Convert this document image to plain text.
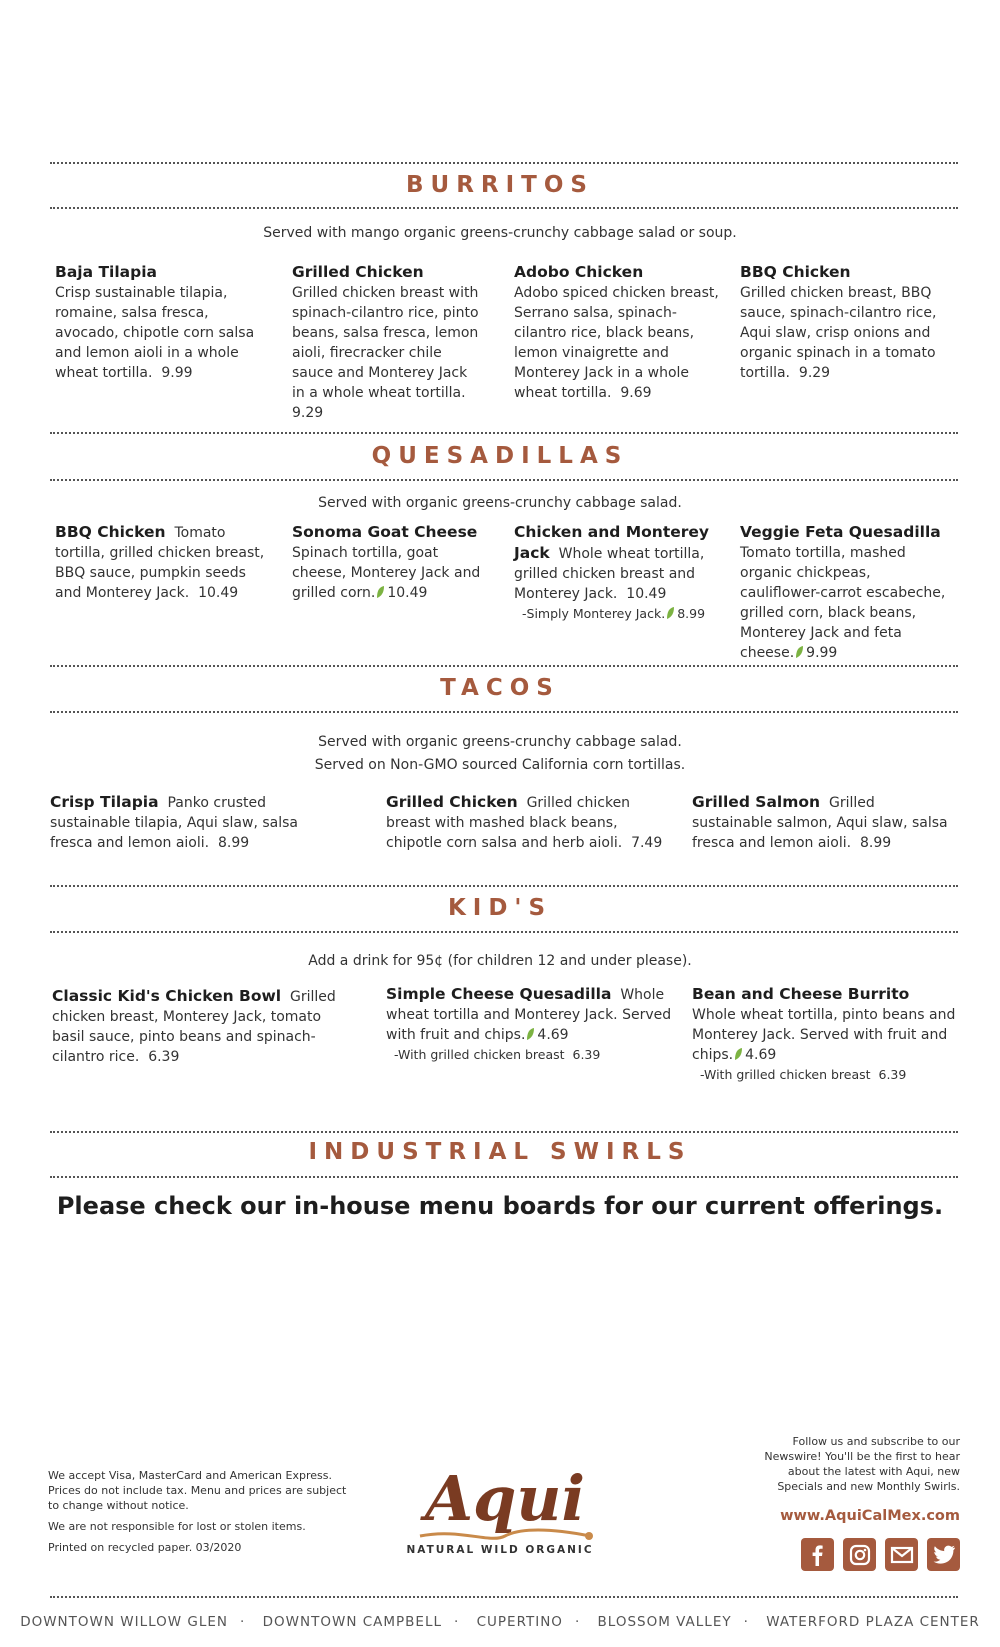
BURRITOS
Served with mango organic greens-crunchy cabbage salad or soup.
Baja Tilapia
Crisp sustainable tilapia, romaine, salsa fresca, avocado, chipotle corn salsa and lemon aioli in a whole wheat tortilla. 9.99
Grilled Chicken
Grilled chicken breast with spinach-cilantro rice, pinto beans, salsa fresca, lemon aioli, firecracker chile sauce and Monterey Jack in a whole wheat tortilla.  9.29
Adobo Chicken
Adobo spiced chicken breast, Serrano salsa, spinach-cilantro rice, black beans, lemon vinaigrette and Monterey Jack in a whole wheat tortilla. 9.69
BBQ Chicken
Grilled chicken breast, BBQ sauce, spinach-cilantro rice, Aqui slaw, crisp onions and organic spinach in a tomato tortilla. 9.29
QUESADILLAS
Served with organic greens-crunchy cabbage salad.
BBQ Chicken Tomato tortilla, grilled chicken breast, BBQ sauce, pumpkin seeds and Monterey Jack. 10.49
Sonoma Goat Cheese
Spinach tortilla, goat cheese, Monterey Jack and grilled corn. 10.49
Chicken and Monterey Jack Whole wheat tortilla, grilled chicken breast and Monterey Jack. 10.49
-Simply Monterey Jack. 8.99
Veggie Feta Quesadilla
Tomato tortilla, mashed organic chickpeas, cauliflower-carrot escabeche, grilled corn, black beans, Monterey Jack and feta cheese. 9.99
TACOS
Served with organic greens-crunchy cabbage salad.
Served on Non-GMO sourced California corn tortillas.
Crisp Tilapia Panko crusted sustainable tilapia, Aqui slaw, salsa fresca and lemon aioli. 8.99
Grilled Chicken Grilled chicken breast with mashed black beans, chipotle corn salsa and herb aioli. 7.49
Grilled Salmon Grilled sustainable salmon, Aqui slaw, salsa fresca and lemon aioli. 8.99
KID'S
Add a drink for 95¢ (for children 12 and under please).
Classic Kid's Chicken Bowl Grilled chicken breast, Monterey Jack, tomato basil sauce, pinto beans and spinach-cilantro rice. 6.39
Simple Cheese Quesadilla Whole wheat tortilla and Monterey Jack. Served with fruit and chips. 4.69
-With grilled chicken breast 6.39
Bean and Cheese Burrito
Whole wheat tortilla, pinto beans and Monterey Jack. Served with fruit and chips. 4.69
-With grilled chicken breast 6.39
INDUSTRIAL SWIRLS
Please check our in-house menu boards for our current offerings.

We accept Visa, MasterCard and American Express. Prices do not include tax. Menu and prices are subject to change without notice.

We are not responsible for lost or stolen items.

Printed on recycled paper. 03/2020

Aqui
NATURAL WILD ORGANIC
Follow us and subscribe to our Newswire! You'll be the first to hear about the latest with Aqui, new Specials and new Monthly Swirls.
www.AquiCalMex.com
DOWNTOWN WILLOW GLEN · DOWNTOWN CAMPBELL · CUPERTINO · BLOSSOM VALLEY · WATERFORD PLAZA CENTER
